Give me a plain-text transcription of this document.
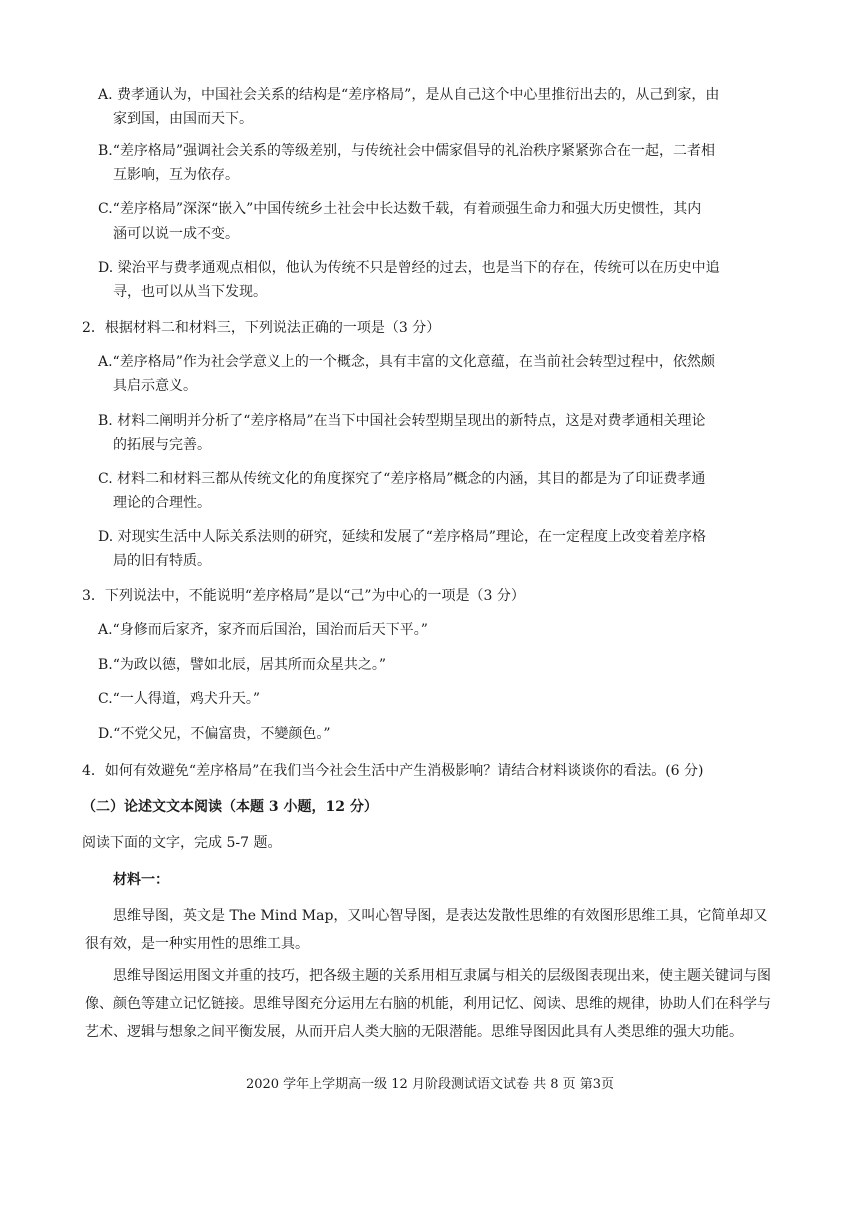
A. 费孝通认为，中国社会关系的结构是“差序格局”，是从自己这个中心里推衍出去的，从己到家，由
家到国，由国而天下。
B.“差序格局”强调社会关系的等级差别，与传统社会中儒家倡导的礼治秩序紧紧弥合在一起，二者相
互影响，互为依存。
C.“差序格局”深深“嵌入”中国传统乡土社会中长达数千载，有着顽强生命力和强大历史惯性，其内
涵可以说一成不变。
D. 梁治平与费孝通观点相似，他认为传统不只是曾经的过去，也是当下的存在，传统可以在历史中追
寻，也可以从当下发现。
2．根据材料二和材料三，下列说法正确的一项是（3 分）
A.“差序格局”作为社会学意义上的一个概念，具有丰富的文化意蕴，在当前社会转型过程中，依然颇
具启示意义。
B. 材料二阐明并分析了“差序格局”在当下中国社会转型期呈现出的新特点，这是对费孝通相关理论
的拓展与完善。
C. 材料二和材料三都从传统文化的角度探究了“差序格局”概念的内涵，其目的都是为了印证费孝通
理论的合理性。
D. 对现实生活中人际关系法则的研究，延续和发展了“差序格局”理论，在一定程度上改变着差序格
局的旧有特质。
3．下列说法中，不能说明“差序格局”是以“己”为中心的一项是（3 分）
A.“身修而后家齐，家齐而后国治，国治而后天下平。”
B.“为政以德，譬如北辰，居其所而众星共之。”
C.“一人得道，鸡犬升天。”
D.“不党父兄，不偏富贵，不變颜色。”
4．如何有效避免“差序格局”在我们当今社会生活中产生消极影响？请结合材料谈谈你的看法。(6 分)
（二）论述文文本阅读（本题 3 小题，12 分）
阅读下面的文字，完成 5-7 题。
材料一：
思维导图，英文是 The Mind Map，又叫心智导图，是表达发散性思维的有效图形思维工具，它简单却又很有效，是一种实用性的思维工具。
思维导图运用图文并重的技巧，把各级主题的关系用相互隶属与相关的层级图表现出来，使主题关键词与图像、颜色等建立记忆链接。思维导图充分运用左右脑的机能，利用记忆、阅读、思维的规律，协助人们在科学与艺术、逻辑与想象之间平衡发展，从而开启人类大脑的无限潜能。思维导图因此具有人类思维的强大功能。
2020 学年上学期高一级 12 月阶段测试语文试卷 共 8 页 第3页
